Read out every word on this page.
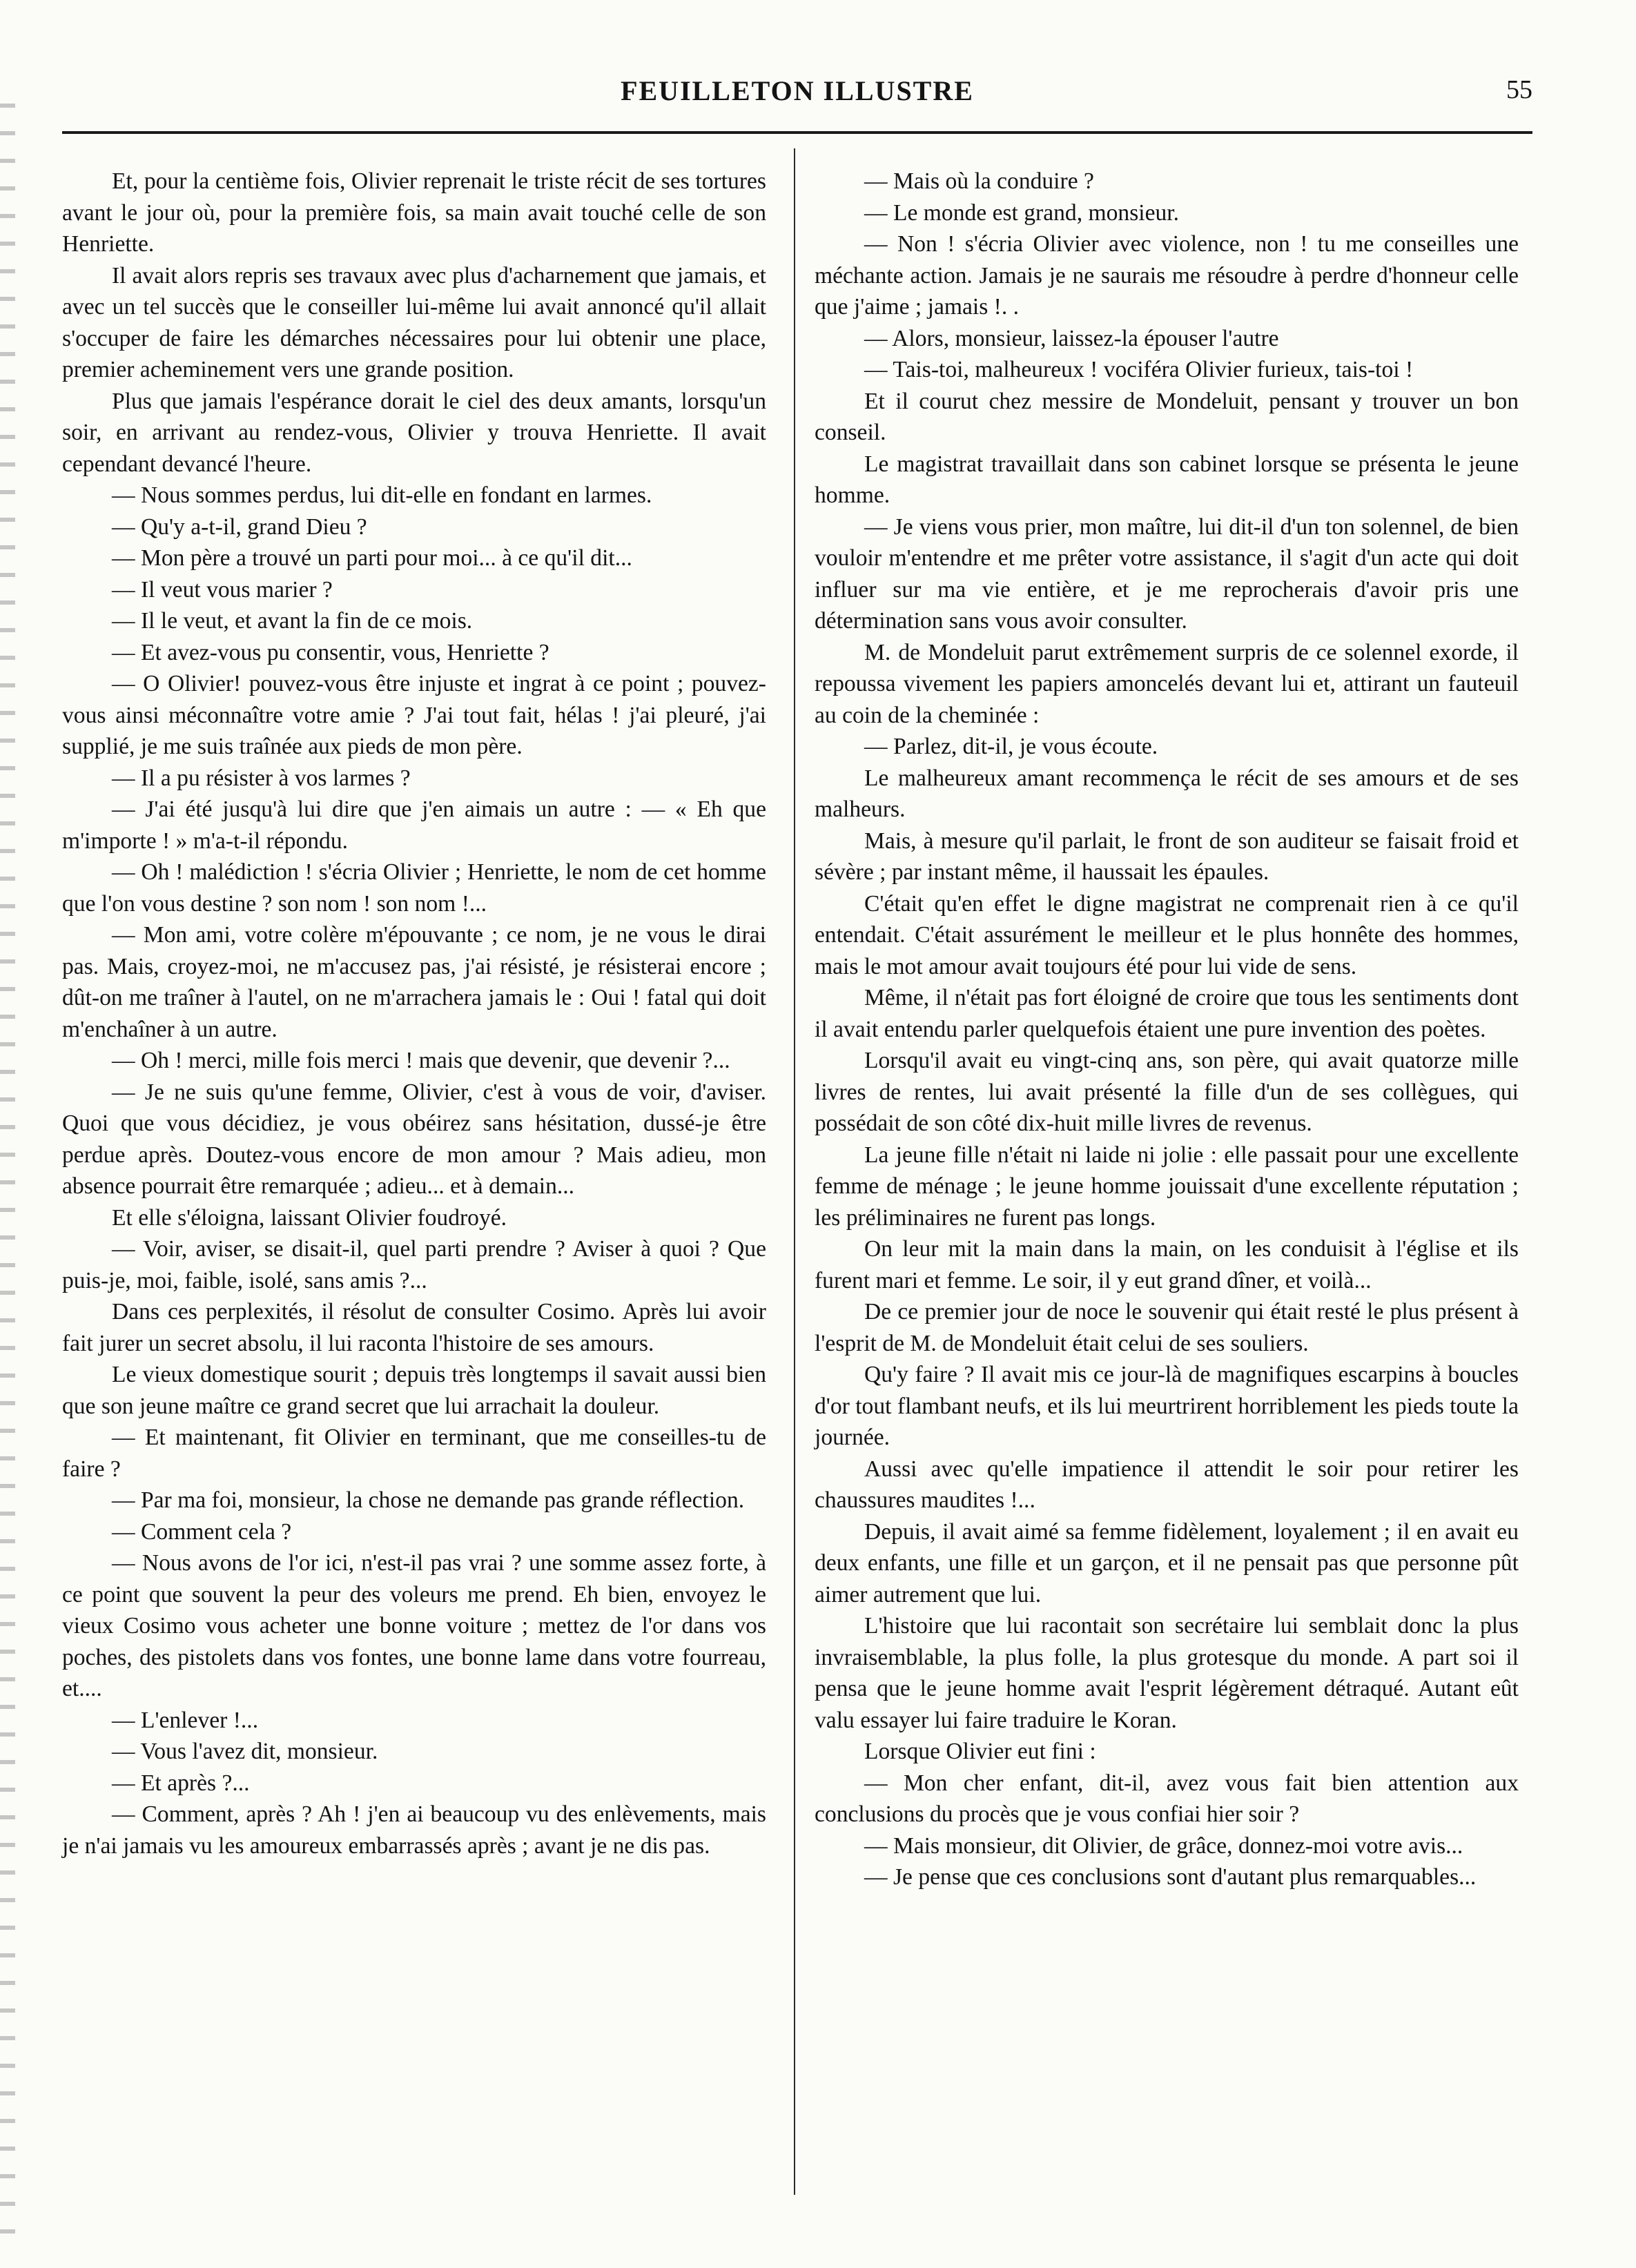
FEUILLETON ILLUSTRE	55

Et, pour la centième fois, Olivier reprenait le triste récit de ses tortures avant le jour où, pour la première fois, sa main avait touché celle de son Henriette.

Il avait alors repris ses travaux avec plus d'acharnement que jamais, et avec un tel succès que le conseiller lui-même lui avait annoncé qu'il allait s'occuper de faire les démarches nécessaires pour lui obtenir une place, premier acheminement vers une grande position.

Plus que jamais l'espérance dorait le ciel des deux amants, lorsqu'un soir, en arrivant au rendez-vous, Olivier y trouva Henriette. Il avait cependant devancé l'heure.

— Nous sommes perdus, lui dit-elle en fondant en larmes.

— Qu'y a-t-il, grand Dieu ?

— Mon père a trouvé un parti pour moi... à ce qu'il dit...

— Il veut vous marier ?

— Il le veut, et avant la fin de ce mois.

— Et avez-vous pu consentir, vous, Henriette ?

— O Olivier! pouvez-vous être injuste et ingrat à ce point ; pouvez-vous ainsi méconnaître votre amie ? J'ai tout fait, hélas ! j'ai pleuré, j'ai supplié, je me suis traînée aux pieds de mon père.

— Il a pu résister à vos larmes ?

— J'ai été jusqu'à lui dire que j'en aimais un autre : — « Eh que m'importe ! » m'a-t-il répondu.

— Oh ! malédiction ! s'écria Olivier ; Henriette, le nom de cet homme que l'on vous destine ? son nom ! son nom !...

— Mon ami, votre colère m'épouvante ; ce nom, je ne vous le dirai pas. Mais, croyez-moi, ne m'accusez pas, j'ai résisté, je résisterai encore ; dût-on me traîner à l'autel, on ne m'arrachera jamais le : Oui ! fatal qui doit m'enchaîner à un autre.

— Oh ! merci, mille fois merci ! mais que devenir, que devenir ?...

— Je ne suis qu'une femme, Olivier, c'est à vous de voir, d'aviser. Quoi que vous décidiez, je vous obéirez sans hésitation, dussé-je être perdue après. Doutez-vous encore de mon amour ? Mais adieu, mon absence pourrait être remarquée ; adieu... et à demain...

Et elle s'éloigna, laissant Olivier foudroyé.

— Voir, aviser, se disait-il, quel parti prendre ? Aviser à quoi ? Que puis-je, moi, faible, isolé, sans amis ?...

Dans ces perplexités, il résolut de consulter Cosimo. Après lui avoir fait jurer un secret absolu, il lui raconta l'histoire de ses amours.

Le vieux domestique sourit ; depuis très longtemps il savait aussi bien que son jeune maître ce grand secret que lui arrachait la douleur.

— Et maintenant, fit Olivier en terminant, que me conseilles-tu de faire ?

— Par ma foi, monsieur, la chose ne demande pas grande réflection.

— Comment cela ?

— Nous avons de l'or ici, n'est-il pas vrai ? une somme assez forte, à ce point que souvent la peur des voleurs me prend. Eh bien, envoyez le vieux Cosimo vous acheter une bonne voiture ; mettez de l'or dans vos poches, des pistolets dans vos fontes, une bonne lame dans votre fourreau, et....

— L'enlever !...

— Vous l'avez dit, monsieur.

— Et après ?...

— Comment, après ? Ah ! j'en ai beaucoup vu des enlèvements, mais je n'ai jamais vu les amoureux embarrassés après ; avant je ne dis pas.

— Mais où la conduire ?

— Le monde est grand, monsieur.

— Non ! s'écria Olivier avec violence, non ! tu me conseilles une méchante action. Jamais je ne saurais me résoudre à perdre d'honneur celle que j'aime ; jamais !. .

— Alors, monsieur, laissez-la épouser l'autre

— Tais-toi, malheureux ! vociféra Olivier furieux, tais-toi !

Et il courut chez messire de Mondeluit, pensant y trouver un bon conseil.

Le magistrat travaillait dans son cabinet lorsque se présenta le jeune homme.

— Je viens vous prier, mon maître, lui dit-il d'un ton solennel, de bien vouloir m'entendre et me prêter votre assistance, il s'agit d'un acte qui doit influer sur ma vie entière, et je me reprocherais d'avoir pris une détermination sans vous avoir consulter.

M. de Mondeluit parut extrêmement surpris de ce solennel exorde, il repoussa vivement les papiers amoncelés devant lui et, attirant un fauteuil au coin de la cheminée :

— Parlez, dit-il, je vous écoute.

Le malheureux amant recommença le récit de ses amours et de ses malheurs.

Mais, à mesure qu'il parlait, le front de son auditeur se faisait froid et sévère ; par instant même, il haussait les épaules.

C'était qu'en effet le digne magistrat ne comprenait rien à ce qu'il entendait. C'était assurément le meilleur et le plus honnête des hommes, mais le mot amour avait toujours été pour lui vide de sens.

Même, il n'était pas fort éloigné de croire que tous les sentiments dont il avait entendu parler quelquefois étaient une pure invention des poètes.

Lorsqu'il avait eu vingt-cinq ans, son père, qui avait quatorze mille livres de rentes, lui avait présenté la fille d'un de ses collègues, qui possédait de son côté dix-huit mille livres de revenus.

La jeune fille n'était ni laide ni jolie : elle passait pour une excellente femme de ménage ; le jeune homme jouissait d'une excellente réputation ; les préliminaires ne furent pas longs.

On leur mit la main dans la main, on les conduisit à l'église et ils furent mari et femme. Le soir, il y eut grand dîner, et voilà...

De ce premier jour de noce le souvenir qui était resté le plus présent à l'esprit de M. de Mondeluit était celui de ses souliers.

Qu'y faire ? Il avait mis ce jour-là de magnifiques escarpins à boucles d'or tout flambant neufs, et ils lui meurtrirent horriblement les pieds toute la journée.

Aussi avec qu'elle impatience il attendit le soir pour retirer les chaussures maudites !...

Depuis, il avait aimé sa femme fidèlement, loyalement ; il en avait eu deux enfants, une fille et un garçon, et il ne pensait pas que personne pût aimer autrement que lui.

L'histoire que lui racontait son secrétaire lui semblait donc la plus invraisemblable, la plus folle, la plus grotesque du monde. A part soi il pensa que le jeune homme avait l'esprit légèrement détraqué. Autant eût valu essayer lui faire traduire le Koran.

Lorsque Olivier eut fini :

— Mon cher enfant, dit-il, avez vous fait bien attention aux conclusions du procès que je vous confiai hier soir ?

— Mais monsieur, dit Olivier, de grâce, donnez-moi votre avis...

— Je pense que ces conclusions sont d'autant plus remarquables...
